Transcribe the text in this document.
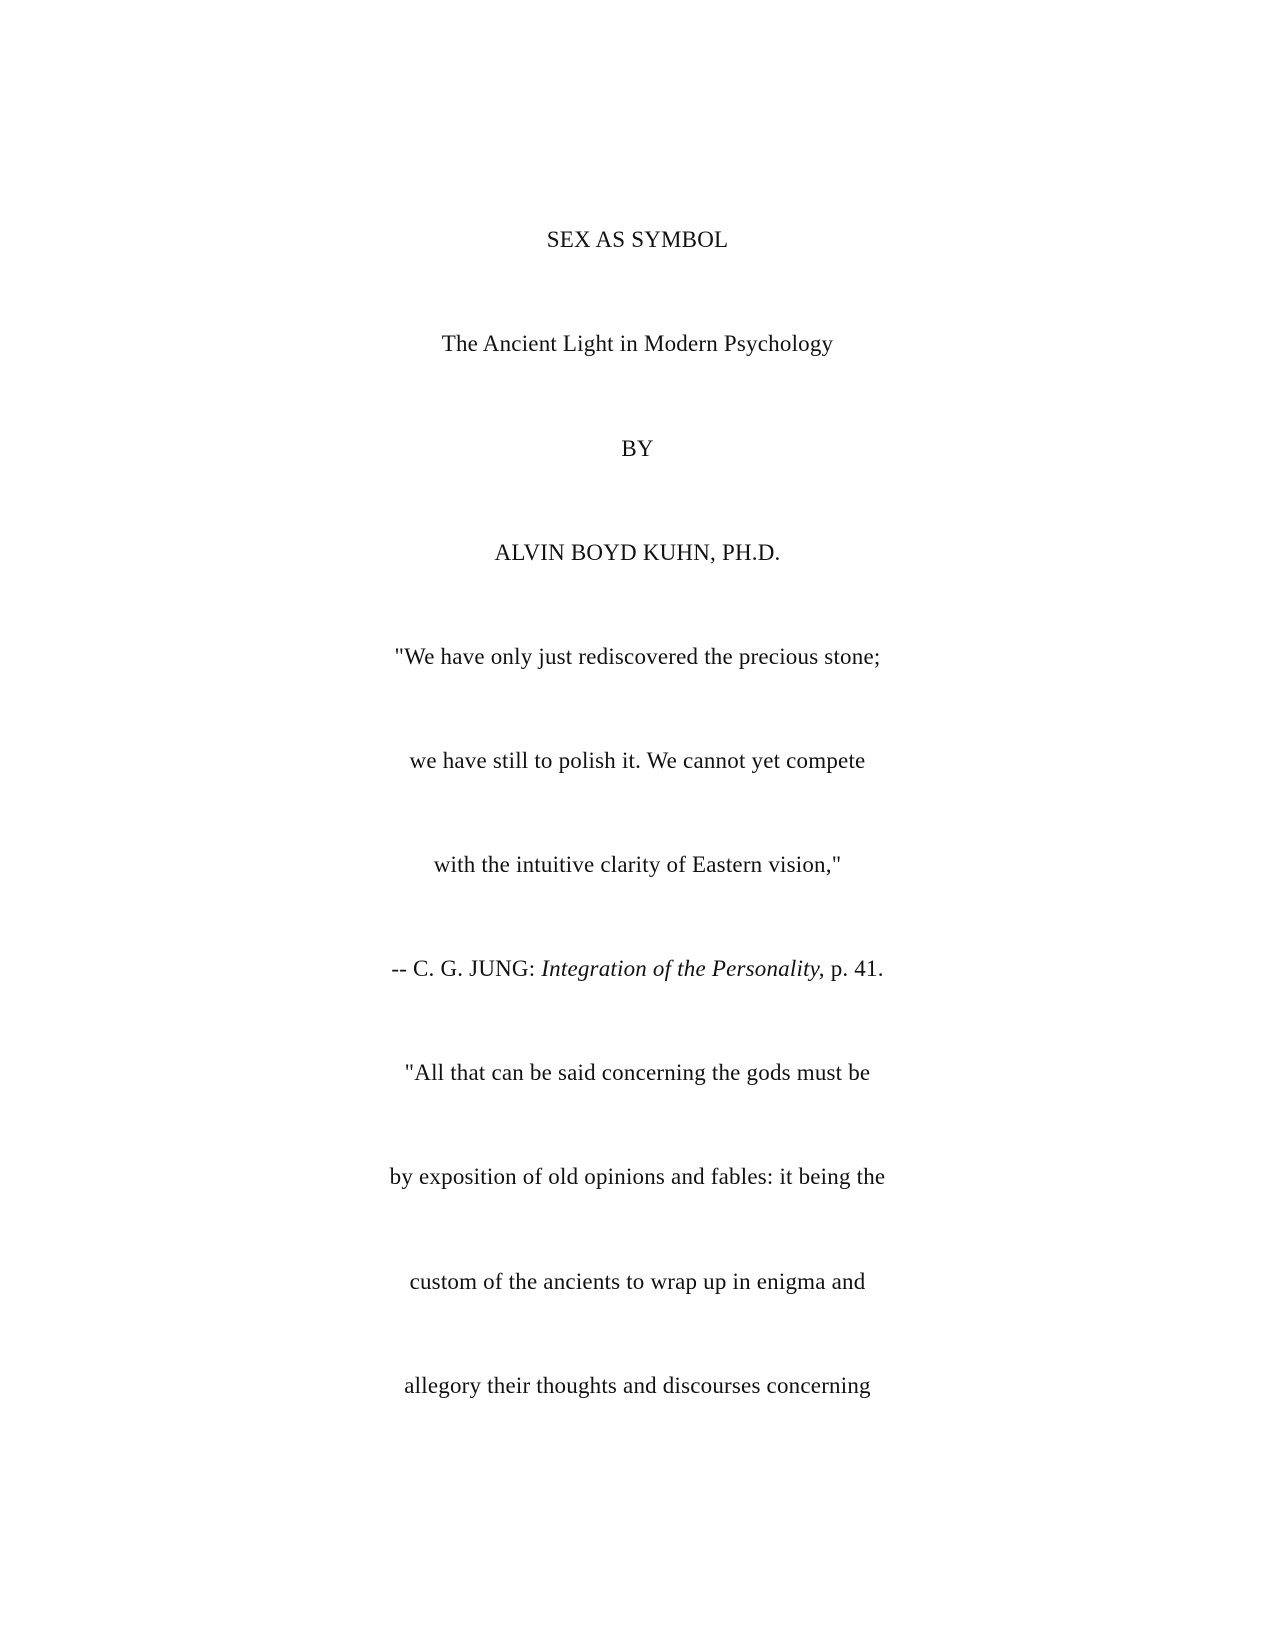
SEX AS SYMBOL
The Ancient Light in Modern Psychology
BY
ALVIN BOYD KUHN, PH.D.
"We have only just rediscovered the precious stone;
we have still to polish it. We cannot yet compete
with the intuitive clarity of Eastern vision,"
-- C. G. JUNG: Integration of the Personality, p. 41.
"All that can be said concerning the gods must be
by exposition of old opinions and fables: it being the
custom of the ancients to wrap up in enigma and
allegory their thoughts and discourses concerning
